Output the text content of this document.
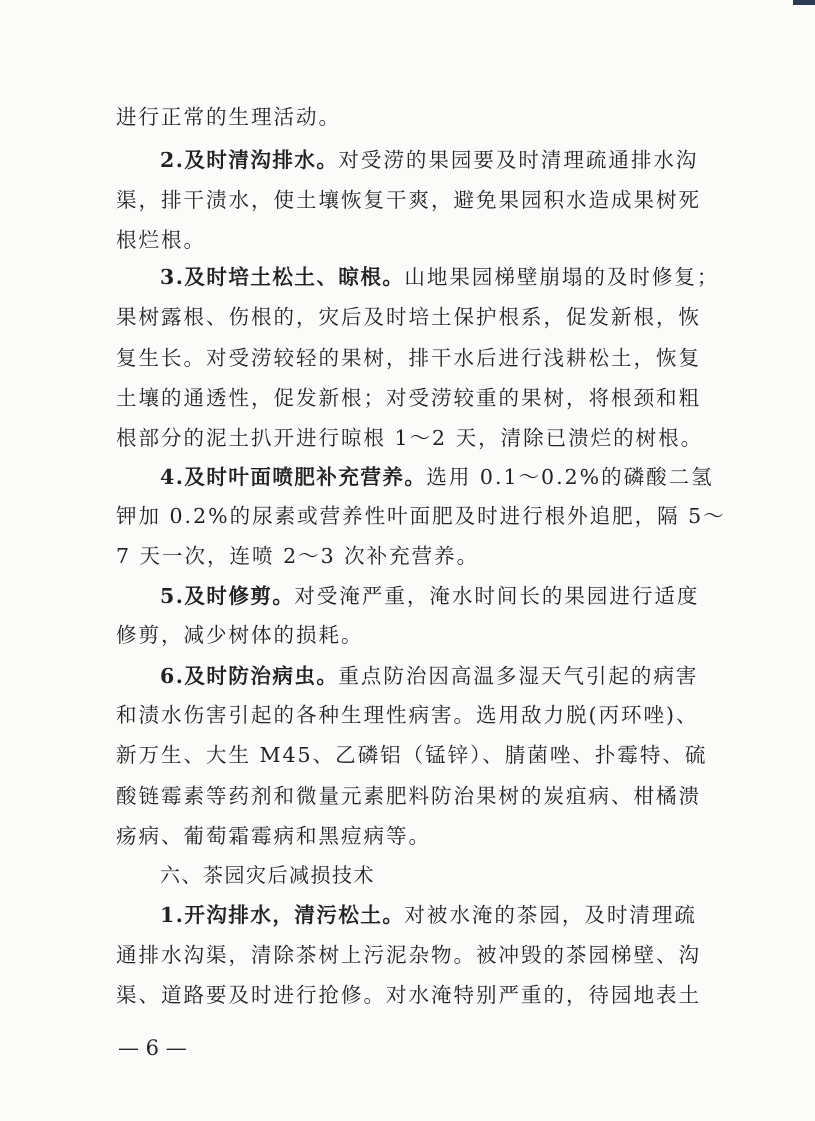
进行正常的生理活动。
2.及时清沟排水。对受涝的果园要及时清理疏通排水沟
渠，排干渍水，使土壤恢复干爽，避免果园积水造成果树死
根烂根。
3.及时培土松土、晾根。山地果园梯壁崩塌的及时修复；
果树露根、伤根的，灾后及时培土保护根系，促发新根，恢
复生长。对受涝较轻的果树，排干水后进行浅耕松土，恢复
土壤的通透性，促发新根；对受涝较重的果树，将根颈和粗
根部分的泥土扒开进行晾根 1～2 天，清除已溃烂的树根。
4.及时叶面喷肥补充营养。选用 0.1～0.2%的磷酸二氢
钾加 0.2%的尿素或营养性叶面肥及时进行根外追肥，隔 5～
7 天一次，连喷 2～3 次补充营养。
5.及时修剪。对受淹严重，淹水时间长的果园进行适度
修剪，减少树体的损耗。
6.及时防治病虫。重点防治因高温多湿天气引起的病害
和渍水伤害引起的各种生理性病害。选用敌力脱(丙环唑)、
新万生、大生 M45、乙磷铝（锰锌）、腈菌唑、扑霉特、硫
酸链霉素等药剂和微量元素肥料防治果树的炭疽病、柑橘溃
疡病、葡萄霜霉病和黑痘病等。
六、茶园灾后减损技术
1.开沟排水，清污松土。对被水淹的茶园，及时清理疏
通排水沟渠，清除茶树上污泥杂物。被冲毁的茶园梯壁、沟
渠、道路要及时进行抢修。对水淹特别严重的，待园地表土
— 6 —
